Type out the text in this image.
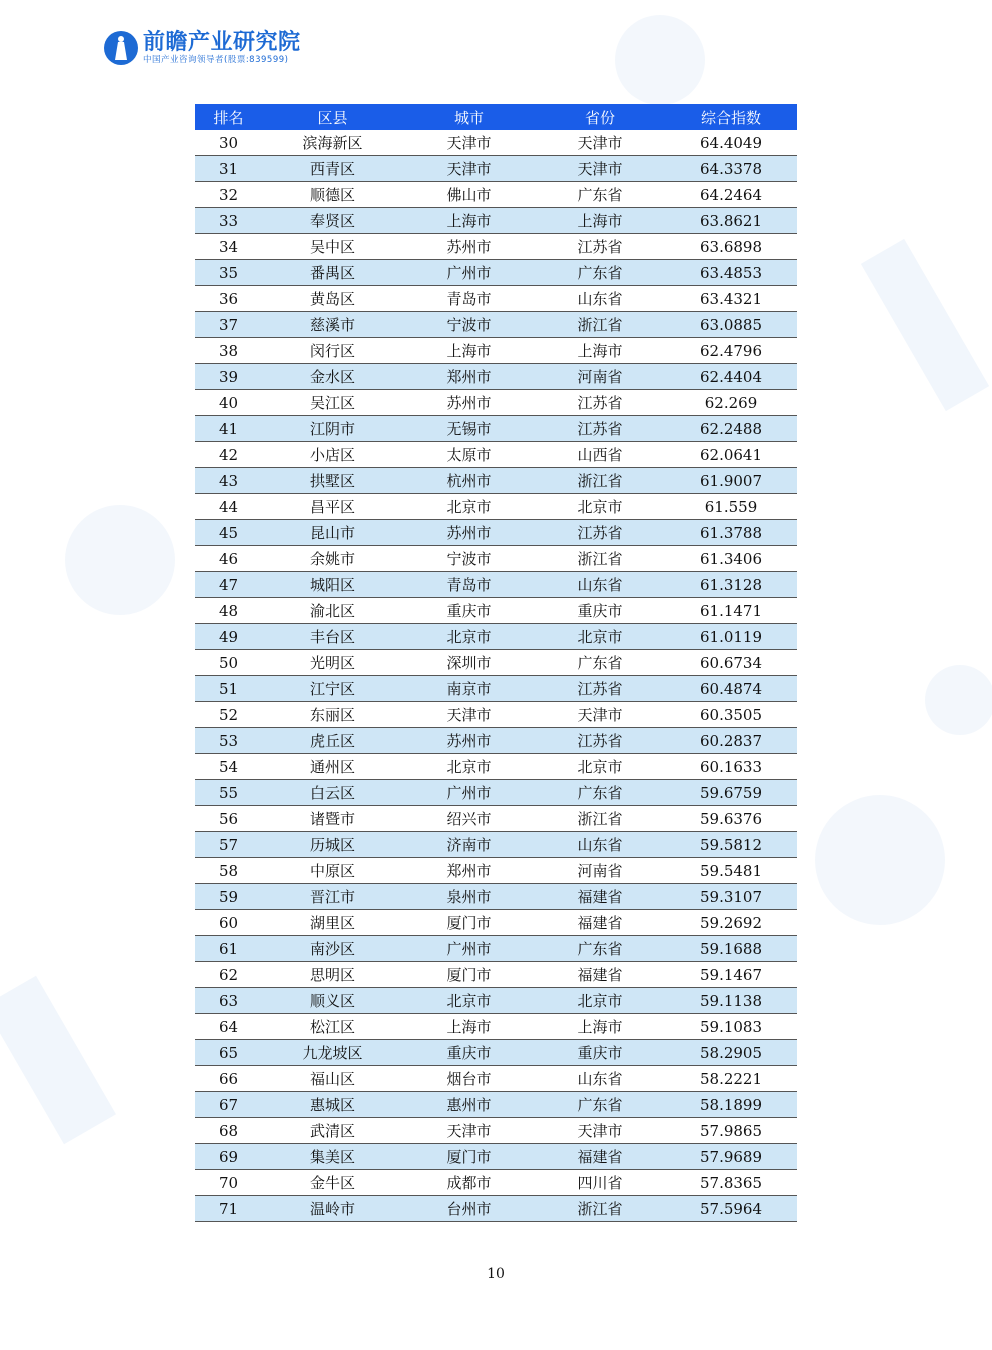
前瞻产业研究院
中国产业咨询领导者(股票:839599)
排名	区县	城市	省份	综合指数
30	滨海新区	天津市	天津市	64.4049
31	西青区	天津市	天津市	64.3378
32	顺德区	佛山市	广东省	64.2464
33	奉贤区	上海市	上海市	63.8621
34	吴中区	苏州市	江苏省	63.6898
35	番禺区	广州市	广东省	63.4853
36	黄岛区	青岛市	山东省	63.4321
37	慈溪市	宁波市	浙江省	63.0885
38	闵行区	上海市	上海市	62.4796
39	金水区	郑州市	河南省	62.4404
40	吴江区	苏州市	江苏省	62.269
41	江阴市	无锡市	江苏省	62.2488
42	小店区	太原市	山西省	62.0641
43	拱墅区	杭州市	浙江省	61.9007
44	昌平区	北京市	北京市	61.559
45	昆山市	苏州市	江苏省	61.3788
46	余姚市	宁波市	浙江省	61.3406
47	城阳区	青岛市	山东省	61.3128
48	渝北区	重庆市	重庆市	61.1471
49	丰台区	北京市	北京市	61.0119
50	光明区	深圳市	广东省	60.6734
51	江宁区	南京市	江苏省	60.4874
52	东丽区	天津市	天津市	60.3505
53	虎丘区	苏州市	江苏省	60.2837
54	通州区	北京市	北京市	60.1633
55	白云区	广州市	广东省	59.6759
56	诸暨市	绍兴市	浙江省	59.6376
57	历城区	济南市	山东省	59.5812
58	中原区	郑州市	河南省	59.5481
59	晋江市	泉州市	福建省	59.3107
60	湖里区	厦门市	福建省	59.2692
61	南沙区	广州市	广东省	59.1688
62	思明区	厦门市	福建省	59.1467
63	顺义区	北京市	北京市	59.1138
64	松江区	上海市	上海市	59.1083
65	九龙坡区	重庆市	重庆市	58.2905
66	福山区	烟台市	山东省	58.2221
67	惠城区	惠州市	广东省	58.1899
68	武清区	天津市	天津市	57.9865
69	集美区	厦门市	福建省	57.9689
70	金牛区	成都市	四川省	57.8365
71	温岭市	台州市	浙江省	57.5964
10
